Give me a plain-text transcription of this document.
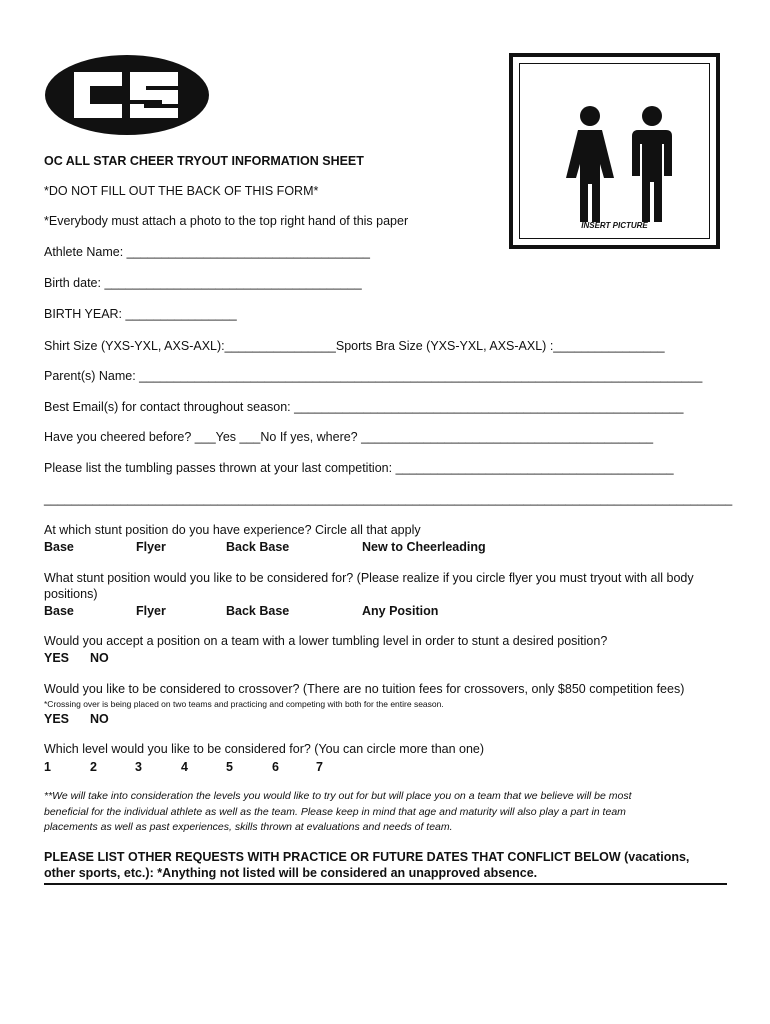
INSERT PICTURE
OC ALL STAR CHEER TRYOUT INFORMATION SHEET
*DO NOT FILL OUT THE BACK OF THIS FORM*
*Everybody must attach a photo to the top right hand of this paper
Athlete Name: ___________________________________
Birth date: _____________________________________
BIRTH YEAR: ________________
Shirt Size (YXS-YXL, AXS-AXL):________________Sports Bra Size (YXS-YXL, AXS-AXL) :________________
Parent(s) Name: _________________________________________________________________________________
Best Email(s) for contact throughout season: ________________________________________________________
Have you cheered before? ___Yes ___No If yes, where? __________________________________________
Please list the tumbling passes thrown at your last competition: ________________________________________
___________________________________________________________________________________________________
At which stunt position do you have experience? Circle all that apply
Base	Flyer	Back Base	New to Cheerleading
What stunt position would you like to be considered for? (Please realize if you circle flyer you must tryout with all body
positions)
Base	Flyer	Back Base	Any Position
Would you accept a position on a team with a lower tumbling level in order to stunt a desired position?
YES NO
Would you like to be considered to crossover? (There are no tuition fees for crossovers, only $850 competition fees)
*Crossing over is being placed on two teams and practicing and competing with both for the entire season.
YES NO
Which level would you like to be considered for? (You can circle more than one)
1	2	3	4	5	6	7
**We will take into consideration the levels you would like to try out for but will place you on a team that we believe will be most
beneficial for the individual athlete as well as the team. Please keep in mind that age and maturity will also play a part in team
placements as well as past experiences, skills thrown at evaluations and needs of team.
PLEASE LIST OTHER REQUESTS WITH PRACTICE OR FUTURE DATES THAT CONFLICT BELOW (vacations,
other sports, etc.): *Anything not listed will be considered an unapproved absence.
